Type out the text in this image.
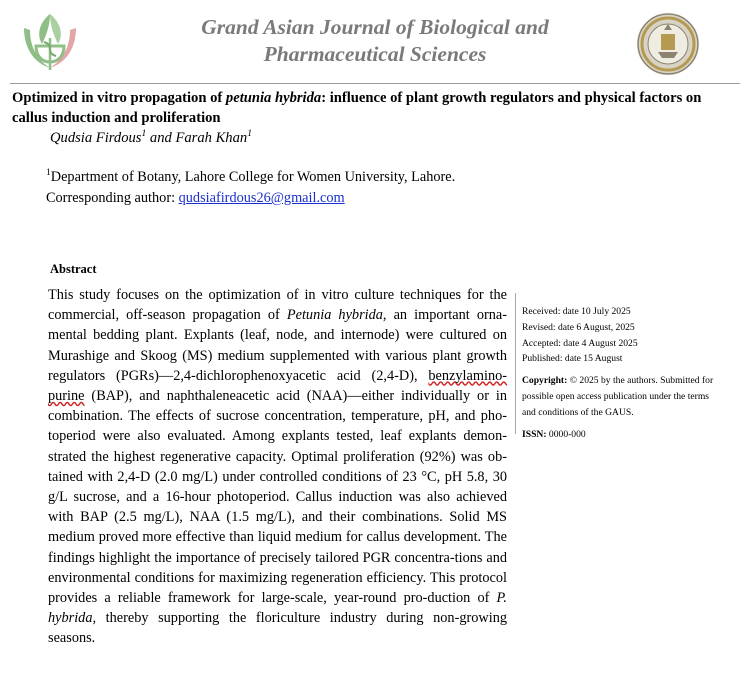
Grand Asian Journal of Biological and
Pharmaceutical Sciences
Optimized in vitro propagation of petunia hybrida: influence of plant growth regulators and physical factors on callus induction and proliferation
Qudsia Firdous$^1$ and Farah Khan$^1$
$^1$Department of Botany, Lahore College for Women University, Lahore.
Corresponding author: qudsiafirdous26@gmail.com
Abstract
This study focuses on the optimization of in vitro culture techniques for the commercial, off-season propagation of Petunia hybrida, an important orna-mental bedding plant. Explants (leaf, node, and internode) were cultured on Murashige and Skoog (MS) medium supplemented with various plant growth regulators (PGRs)—2,4-dichlorophenoxyacetic acid (2,4-D), benzylamino-purine (BAP), and naphthaleneacetic acid (NAA)—either individually or in combination. The effects of sucrose concentration, temperature, pH, and pho-toperiod were also evaluated. Among explants tested, leaf explants demon-strated the highest regenerative capacity. Optimal proliferation (92%) was ob-tained with 2,4-D (2.0 mg/L) under controlled conditions of 23 °C, pH 5.8, 30 g/L sucrose, and a 16-hour photoperiod. Callus induction was also achieved with BAP (2.5 mg/L), NAA (1.5 mg/L), and their combinations. Solid MS medium proved more effective than liquid medium for callus development. The findings highlight the importance of precisely tailored PGR concentra-tions and environmental conditions for maximizing regeneration efficiency. This protocol provides a reliable framework for large-scale, year-round pro-duction of P. hybrida, thereby supporting the floriculture industry during non-growing seasons.
Received: date 10 July 2025
Revised: date 6 August, 2025
Accepted: date 4 August 2025
Published: date 15 August
Copyright: © 2025 by the authors. Submitted for possible open access publication under the terms and conditions of the GAUS.
ISSN: 0000-000
